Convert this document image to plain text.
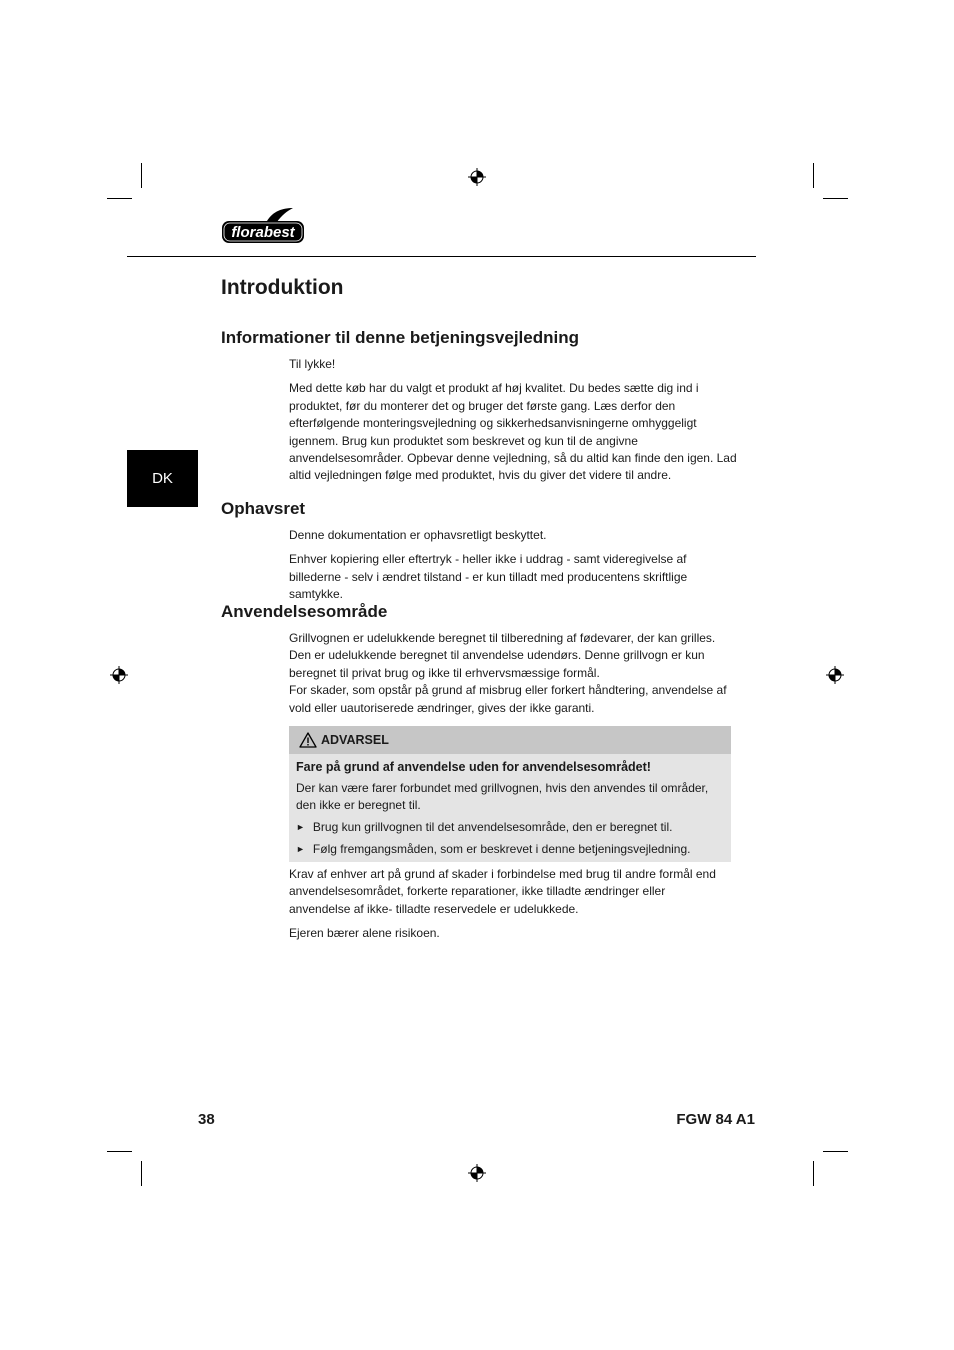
florabest
Introduktion
DK
Informationer til denne betjeningsvejledning

Til lykke!

Med dette køb har du valgt et produkt af høj kvalitet. Du bedes sætte dig ind i produktet, før du monterer det og bruger det første gang. Læs derfor den efterfølgende monteringsvejledning og sikkerhedsanvisningerne omhyggeligt igennem. Brug kun produktet som beskrevet og kun til de angivne anvendelsesområder. Opbevar denne vejledning, så du altid kan finde den igen. Lad altid vejledningen følge med produktet, hvis du giver det videre til andre.

Ophavsret

Denne dokumentation er ophavsretligt beskyttet.

Enhver kopiering eller eftertryk - heller ikke i uddrag - samt videregivelse af billederne - selv i ændret tilstand - er kun tilladt med producentens skriftlige samtykke.

Anvendelsesområde

Grillvognen er udelukkende beregnet til tilberedning af fødevarer, der kan grilles. Den er udelukkende beregnet til anvendelse udendørs. Denne grillvogn er kun beregnet til privat brug og ikke til erhvervsmæssige formål.

For skader, som opstår på grund af misbrug eller forkert håndtering, anvendelse af vold eller uautoriserede ændringer, gives der ikke garanti.

ADVARSEL

Fare på grund af anvendelse uden for anvendelsesområdet!

Der kan være farer forbundet med grillvognen, hvis den anvendes til områder, den ikke er beregnet til.

► Brug kun grillvognen til det anvendelsesområde, den er beregnet til.

► Følg fremgangsmåden, som er beskrevet i denne betjeningsvejledning.

Krav af enhver art på grund af skader i forbindelse med brug til andre formål end anvendelsesområdet, forkerte reparationer, ikke tilladte ændringer eller anvendelse af ikke- tilladte reservedele er udelukkede.

Ejeren bærer alene risikoen.

38	FGW 84 A1
